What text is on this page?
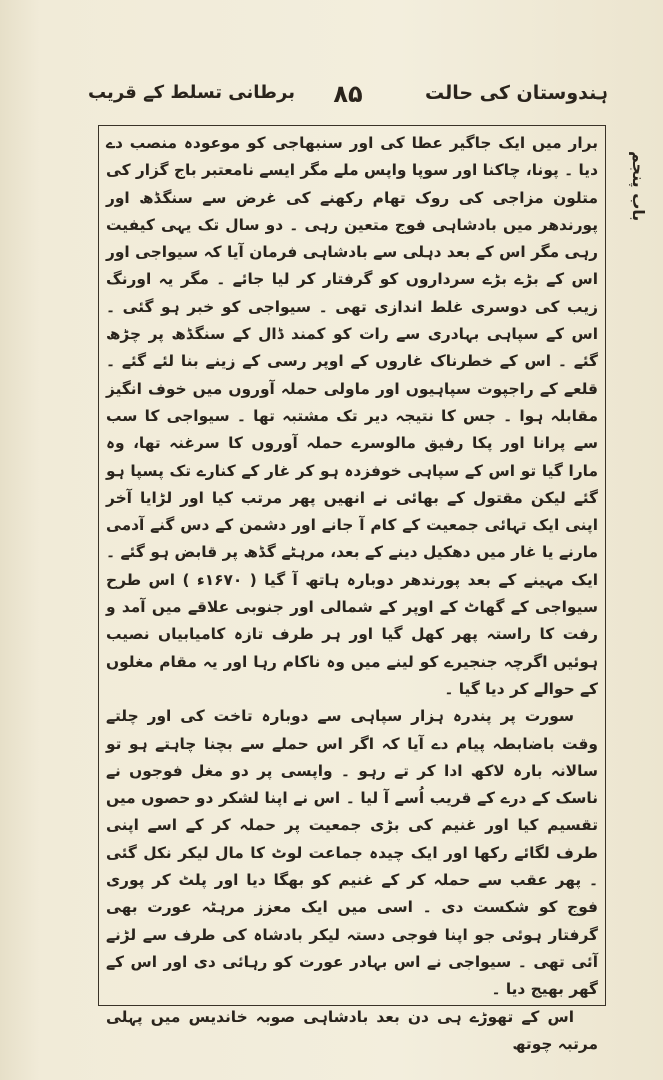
ہندوستان کی حالت
۸۵
برطانی تسلط کے قریب
باب پنجم

برار میں ایک جاگیر عطا کی اور سنبھاجی کو موعودہ منصب دے دیا ۔ پونا، چاکنا اور سوپا واپس ملے مگر ایسے نامعتبر باج گزار کی متلون مزاجی کی روک تھام رکھنے کی غرض سے سنگڈھ اور پورندھر میں بادشاہی فوج متعین رہی ۔ دو سال تک یہی کیفیت رہی مگر اس کے بعد دہلی سے بادشاہی فرمان آیا کہ سیواجی اور اس کے بڑے بڑے سرداروں کو گرفتار کر لیا جائے ۔ مگر یہ اورنگ زیب کی دوسری غلط اندازی تھی ۔ سیواجی کو خبر ہو گئی ۔ اس کے سپاہی بہادری سے رات کو کمند ڈال کے سنگڈھ پر چڑھ گئے ۔ اس کے خطرناک غاروں کے اوپر رسی کے زینے بنا لئے گئے ۔ قلعے کے راجپوت سپاہیوں اور ماولی حملہ آوروں میں خوف انگیز مقابلہ ہوا ۔ جس کا نتیجہ دیر تک مشتبہ تھا ۔ سیواجی کا سب سے پرانا اور پکا رفیق مالوسرے حملہ آوروں کا سرغنہ تھا، وہ مارا گیا تو اس کے سپاہی خوفزدہ ہو کر غار کے کنارے تک پسپا ہو گئے لیکن مقتول کے بھائی نے انھیں پھر مرتب کیا اور لڑایا آخر اپنی ایک تہائی جمعیت کے کام آ جانے اور دشمن کے دس گنے آدمی مارنے یا غار میں دھکیل دینے کے بعد، مرہٹے گڈھ پر قابض ہو گئے ۔ ایک مہینے کے بعد پورندھر دوبارہ ہاتھ آ گیا ( ۱۶۷۰ء ) اس طرح سیواجی کے گھاٹ کے اوپر کے شمالی اور جنوبی علاقے میں آمد و رفت کا راستہ پھر کھل گیا اور ہر طرف تازہ کامیابیاں نصیب ہوئیں اگرچہ جنجیرے کو لینے میں وہ ناکام رہا اور یہ مقام مغلوں کے حوالے کر دیا گیا ۔

سورت پر پندرہ ہزار سپاہی سے دوبارہ تاخت کی اور چلتے وقت باضابطہ پیام دے آیا کہ اگر اس حملے سے بچنا چاہتے ہو تو سالانہ بارہ لاکھ ادا کر تے رہو ۔ واپسی پر دو مغل فوجوں نے ناسک کے درے کے قریب اُسے آ لیا ۔ اس نے اپنا لشکر دو حصوں میں تقسیم کیا اور غنیم کی بڑی جمعیت پر حملہ کر کے اسے اپنی طرف لگائے رکھا اور ایک چیدہ جماعت لوٹ کا مال لیکر نکل گئی ۔ پھر عقب سے حملہ کر کے غنیم کو بھگا دیا اور پلٹ کر پوری فوج کو شکست دی ۔ اسی میں ایک معزز مرہٹہ عورت بھی گرفتار ہوئی جو اپنا فوجی دستہ لیکر بادشاہ کی طرف سے لڑنے آئی تھی ۔ سیواجی نے اس بہادر عورت کو رہائی دی اور اس کے گھر بھیج دیا ۔

اس کے تھوڑے ہی دن بعد بادشاہی صوبہ خاندیس میں پہلی مرتبہ چوتھ
